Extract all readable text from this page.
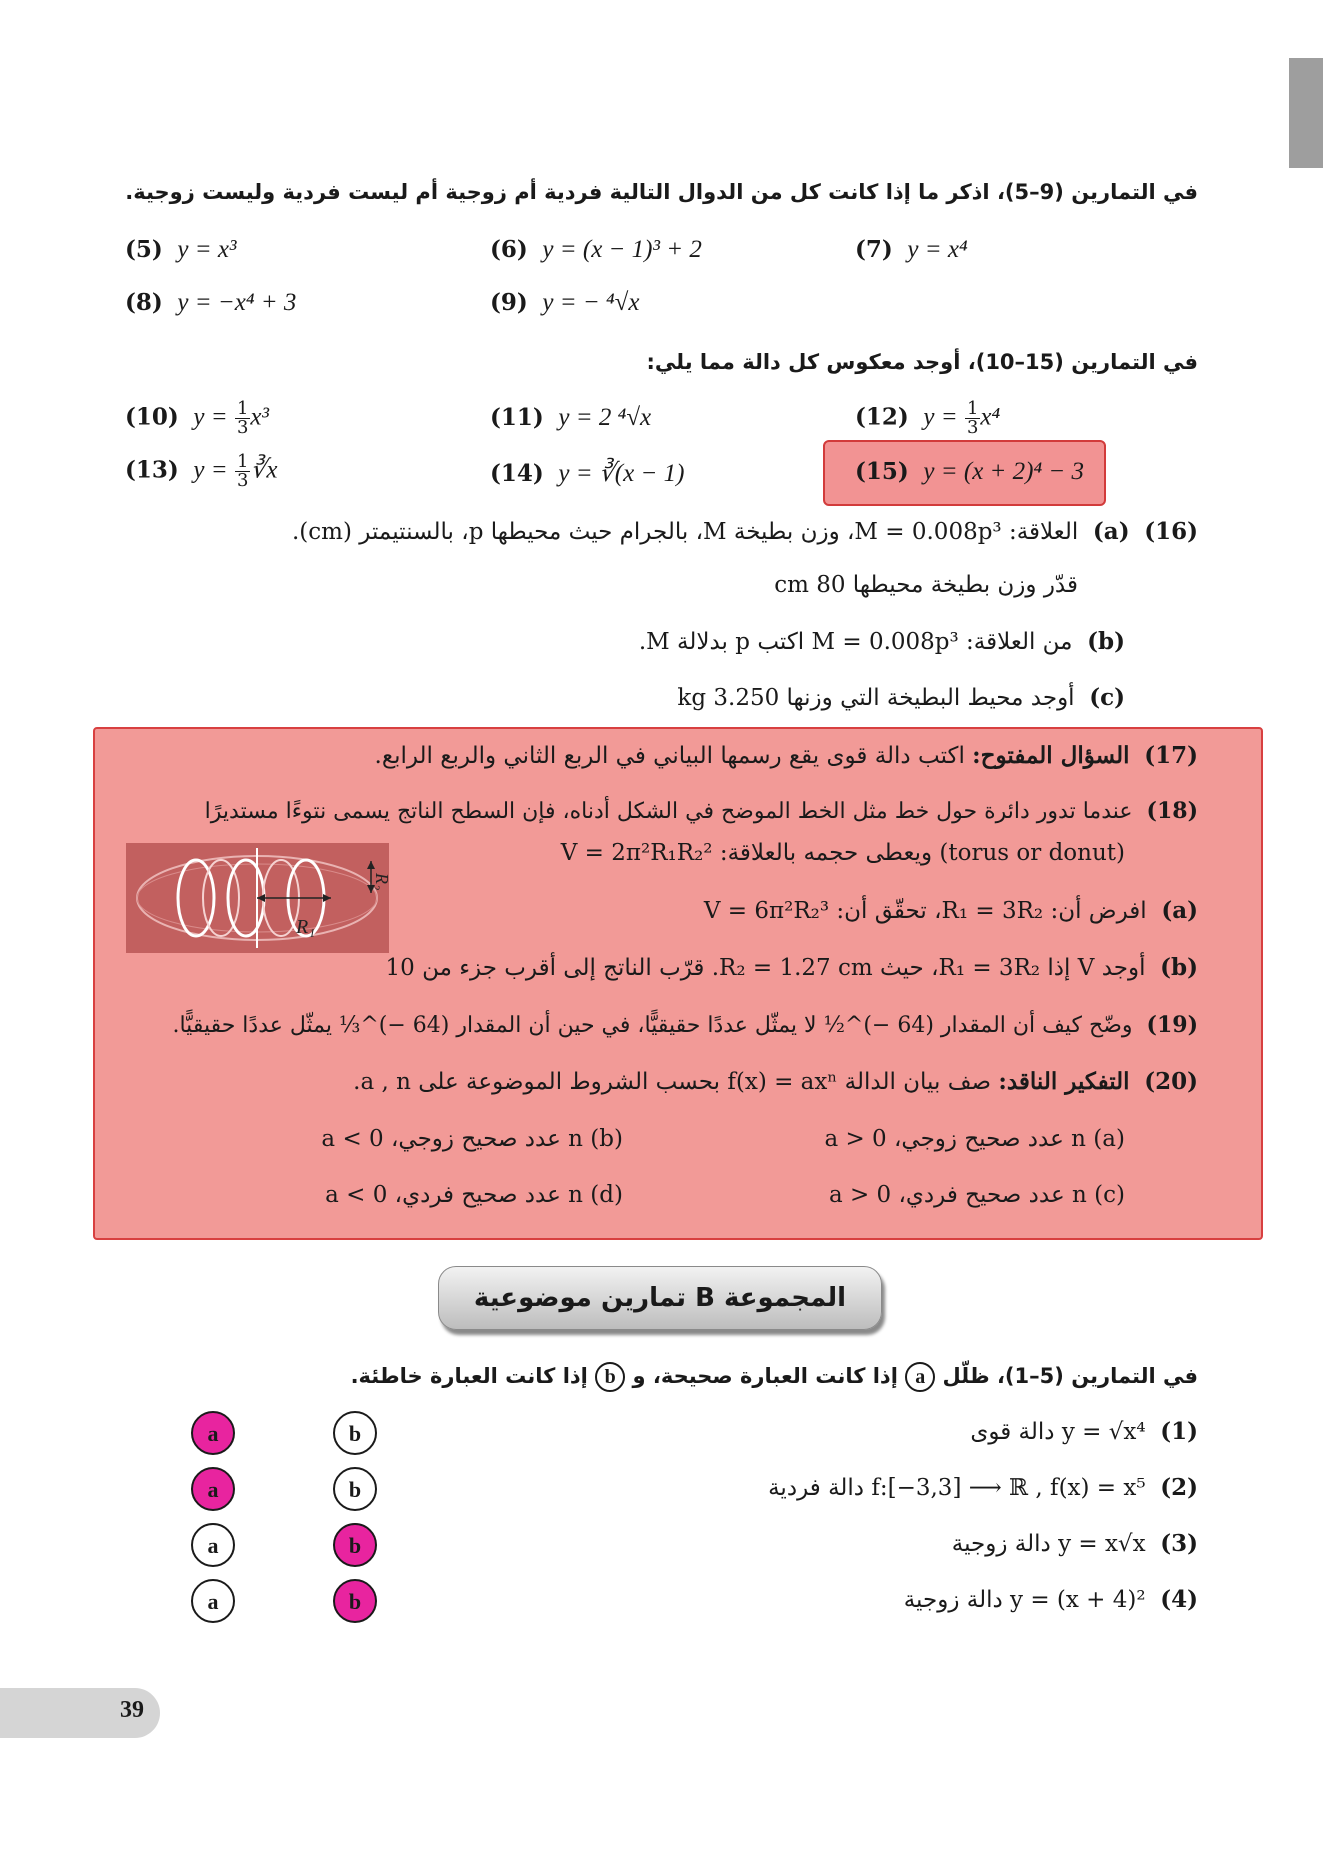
في التمارين (9–5)، اذكر ما إذا كانت كل من الدوال التالية فردية أم زوجية أم ليست فردية وليست زوجية.
(5) y = x³	(6) y = (x − 1)³ + 2	(7) y = x⁴
(8) y = −x⁴ + 3	(9) y = − ⁴√x
في التمارين (15–10)، أوجد معكوس كل دالة مما يلي:
(10) $y = \frac{1}{3} x^3$	(11) y = 2 ⁴√x	(12) $y = \frac{1}{3} x^4$
(13) $y = \frac{1}{3}$ ∛x	(14) y = ∛(x − 1)	(15) y = (x + 2)⁴ − 3
(16)  (a)  العلاقة: M = 0.008p³، وزن بطيخة M، بالجرام حيث محيطها p، بالسنتيمتر (cm).
قدّر وزن بطيخة محيطها 80 cm
(b)  من العلاقة: M = 0.008p³ اكتب p بدلالة M.
(c)  أوجد محيط البطيخة التي وزنها 3.250 kg
(17)  السؤال المفتوح: اكتب دالة قوى يقع رسمها البياني في الربع الثاني والربع الرابع.
(18)  عندما تدور دائرة حول خط مثل الخط الموضح في الشكل أدناه، فإن السطح الناتج يسمى نتوءًا مستديرًا
(torus or donut) ويعطى حجمه بالعلاقة: V = 2π²R₁R₂²
R₁
R₂
(a)  افرض أن: R₁ = 3R₂، تحقّق أن: V = 6π²R₂³
(b)  أوجد V إذا R₁ = 3R₂، حيث R₂ = 1.27 cm. قرّب الناتج إلى أقرب جزء من 10
(19)  وضّح كيف أن المقدار (64 −)^½ لا يمثّل عددًا حقيقيًّا، في حين أن المقدار (64 −)^⅓ يمثّل عددًا حقيقيًّا.
(20)  التفكير الناقد: صف بيان الدالة f(x) = axⁿ بحسب الشروط الموضوعة على a , n.
(a) n عدد صحيح زوجي، a > 0
(b) n عدد صحيح زوجي، a < 0
(c) n عدد صحيح فردي، a > 0
(d) n عدد صحيح فردي، a < 0
المجموعة B تمارين موضوعية
في التمارين (5–1)، ظلّل a إذا كانت العبارة صحيحة، و b إذا كانت العبارة خاطئة.
(1)  y = √x⁴ دالة قوى
a	b
(2)  f:[−3,3] ⟶ ℝ , f(x) = x⁵ دالة فردية
a	b
(3)  y = x√x دالة زوجية
a	b
(4)  y = (x + 4)² دالة زوجية
a	b
39
